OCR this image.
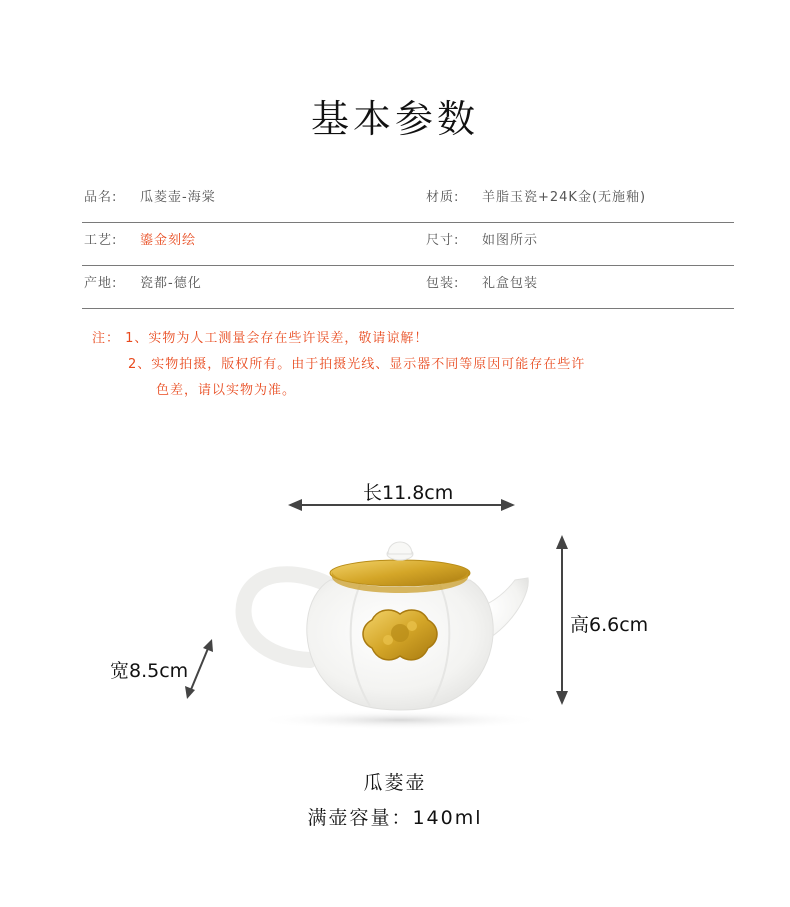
基本参数
品名: 瓜菱壶-海棠	材质: 羊脂玉瓷+24K金(无施釉)
工艺: 鎏金刻绘	尺寸: 如图所示
产地: 瓷都-德化	包装: 礼盒包装
注： 1、实物为人工测量会存在些许误差，敬请谅解！
2、实物拍摄，版权所有。由于拍摄光线、显示器不同等原因可能存在些许
色差，请以实物为准。
长11.8cm
高6.6cm
宽8.5cm
瓜菱壶
满壶容量：140ml
